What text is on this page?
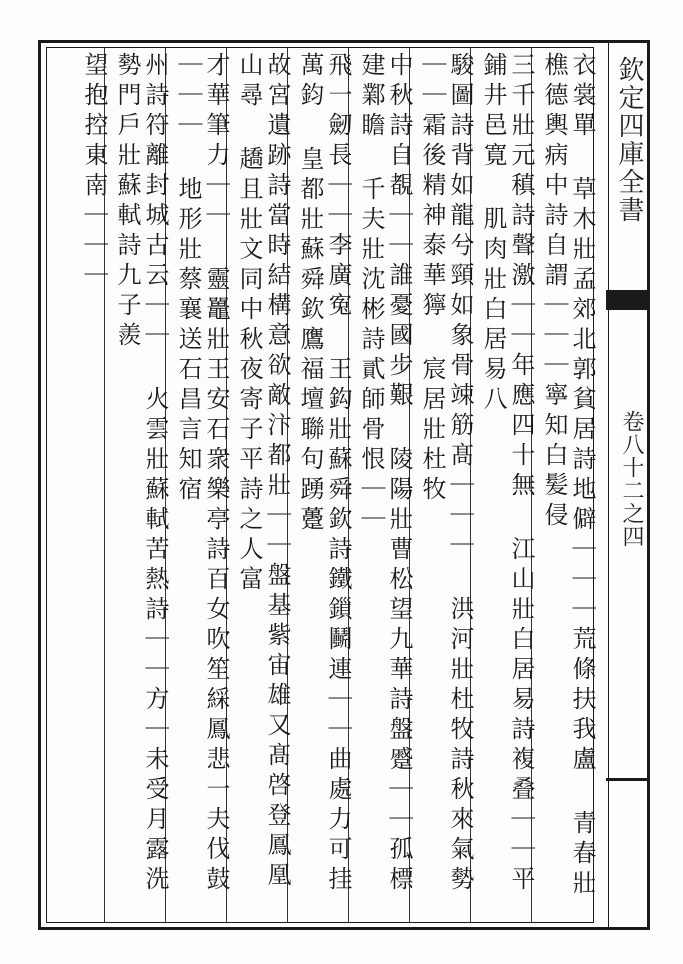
欽定四庫全書
卷八十二之四
衣裳單 草木壯孟郊北郭貧居詩地僻｜｜｜荒條扶我盧 青春壯樵德輿病中詩自謂｜｜｜寧知白髪侵
三千壯元稹詩聲激｜｜年應四十無 江山壯白居易詩複叠｜｜平鋪井邑寛 肌肉壯白居易八
駿圖詩背如龍兮頸如象骨竦筋髙｜｜｜ 洪河壯杜牧詩秋來氣勢｜｜霜後精神泰華獰 宸居壯杜牧
中秋詩自覩｜｜誰憂國步艱 陵陽壯曹松望九華詩盤蹙｜｜孤標建鄴瞻 千夫壯沈彬詩貳師骨恨｜｜
飛一劒長｜｜李廣寃 王鈎壯蘇舜欽詩鐵鎻鬭連｜｜曲處力可挂萬鈞 皇都壯蘇舜欽鷹福壇聯句踴躉
故宮遺跡詩當時結構意欲敵汴都壯｜｜盤基紫宙雄又髙啓登鳳凰山尋 趫且壯文同中秋夜寄子平詩之人富
才華筆力｜｜ 靈鼉壯王安石衆樂亭詩百女吹笙綵鳳悲一夫伐鼓｜｜｜ 地形壯蔡襄送石昌言知宿
州詩符離封城古云｜｜ 火雲壯蘇軾苦熱詩｜｜方｜未受月露洗 勢門戶壯蘇軾詩九子羨
望抱控東南｜｜｜
